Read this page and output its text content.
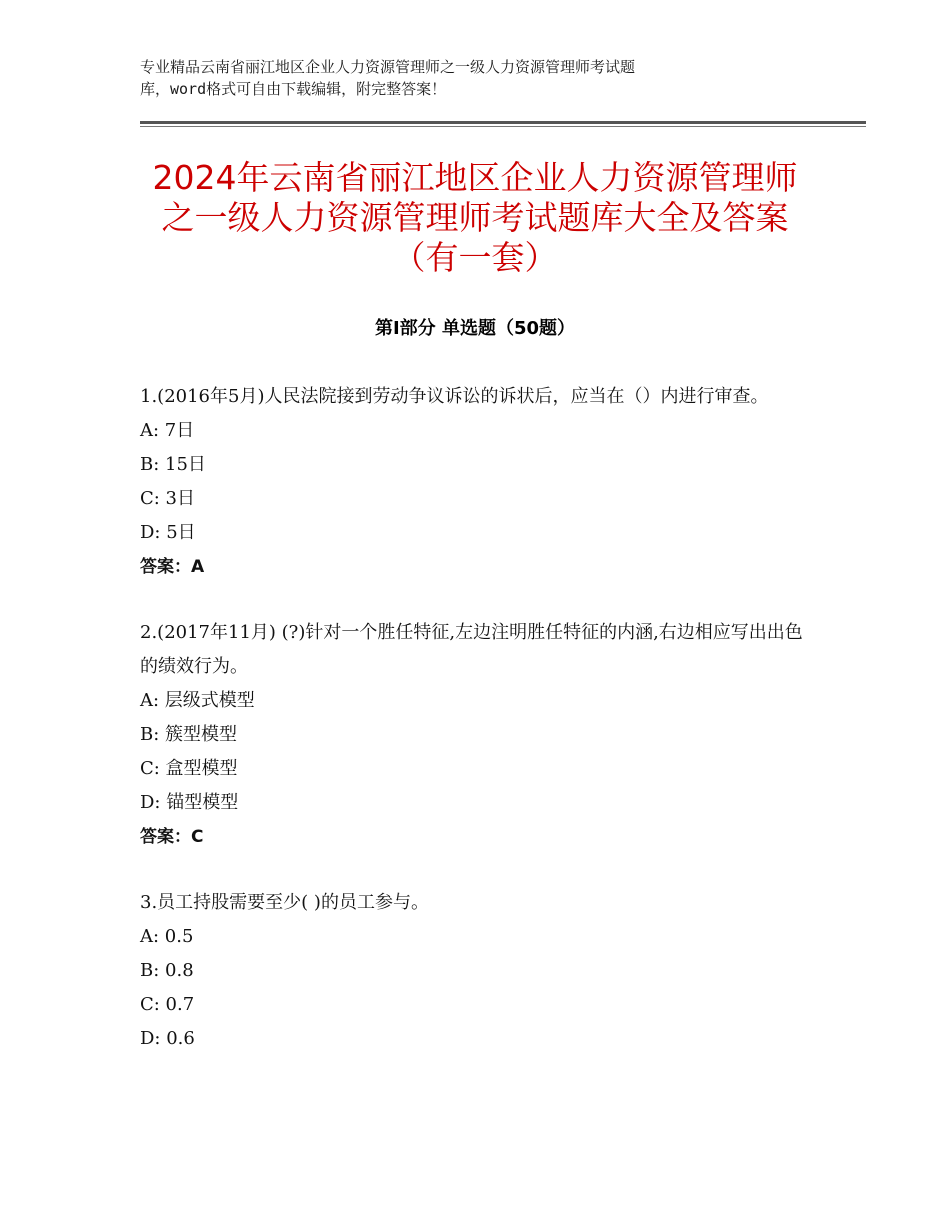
专业精品云南省丽江地区企业人力资源管理师之一级人力资源管理师考试题
库，word格式可自由下载编辑，附完整答案！
2024年云南省丽江地区企业人力资源管理师
之一级人力资源管理师考试题库大全及答案
（有一套）
第Ⅰ部分 单选题（50题）

1.(2016年5月)人民法院接到劳动争议诉讼的诉状后，应当在（）内进行审查。

A: 7日

B: 15日

C: 3日

D: 5日

答案：A

2.(2017年11月) (?)针对一个胜任特征,左边注明胜任特征的内涵,右边相应写出出色的绩效行为。

A: 层级式模型

B: 簇型模型

C: 盒型模型

D: 锚型模型

答案：C

3.员工持股需要至少( )的员工参与。

A: 0.5

B: 0.8

C: 0.7

D: 0.6
